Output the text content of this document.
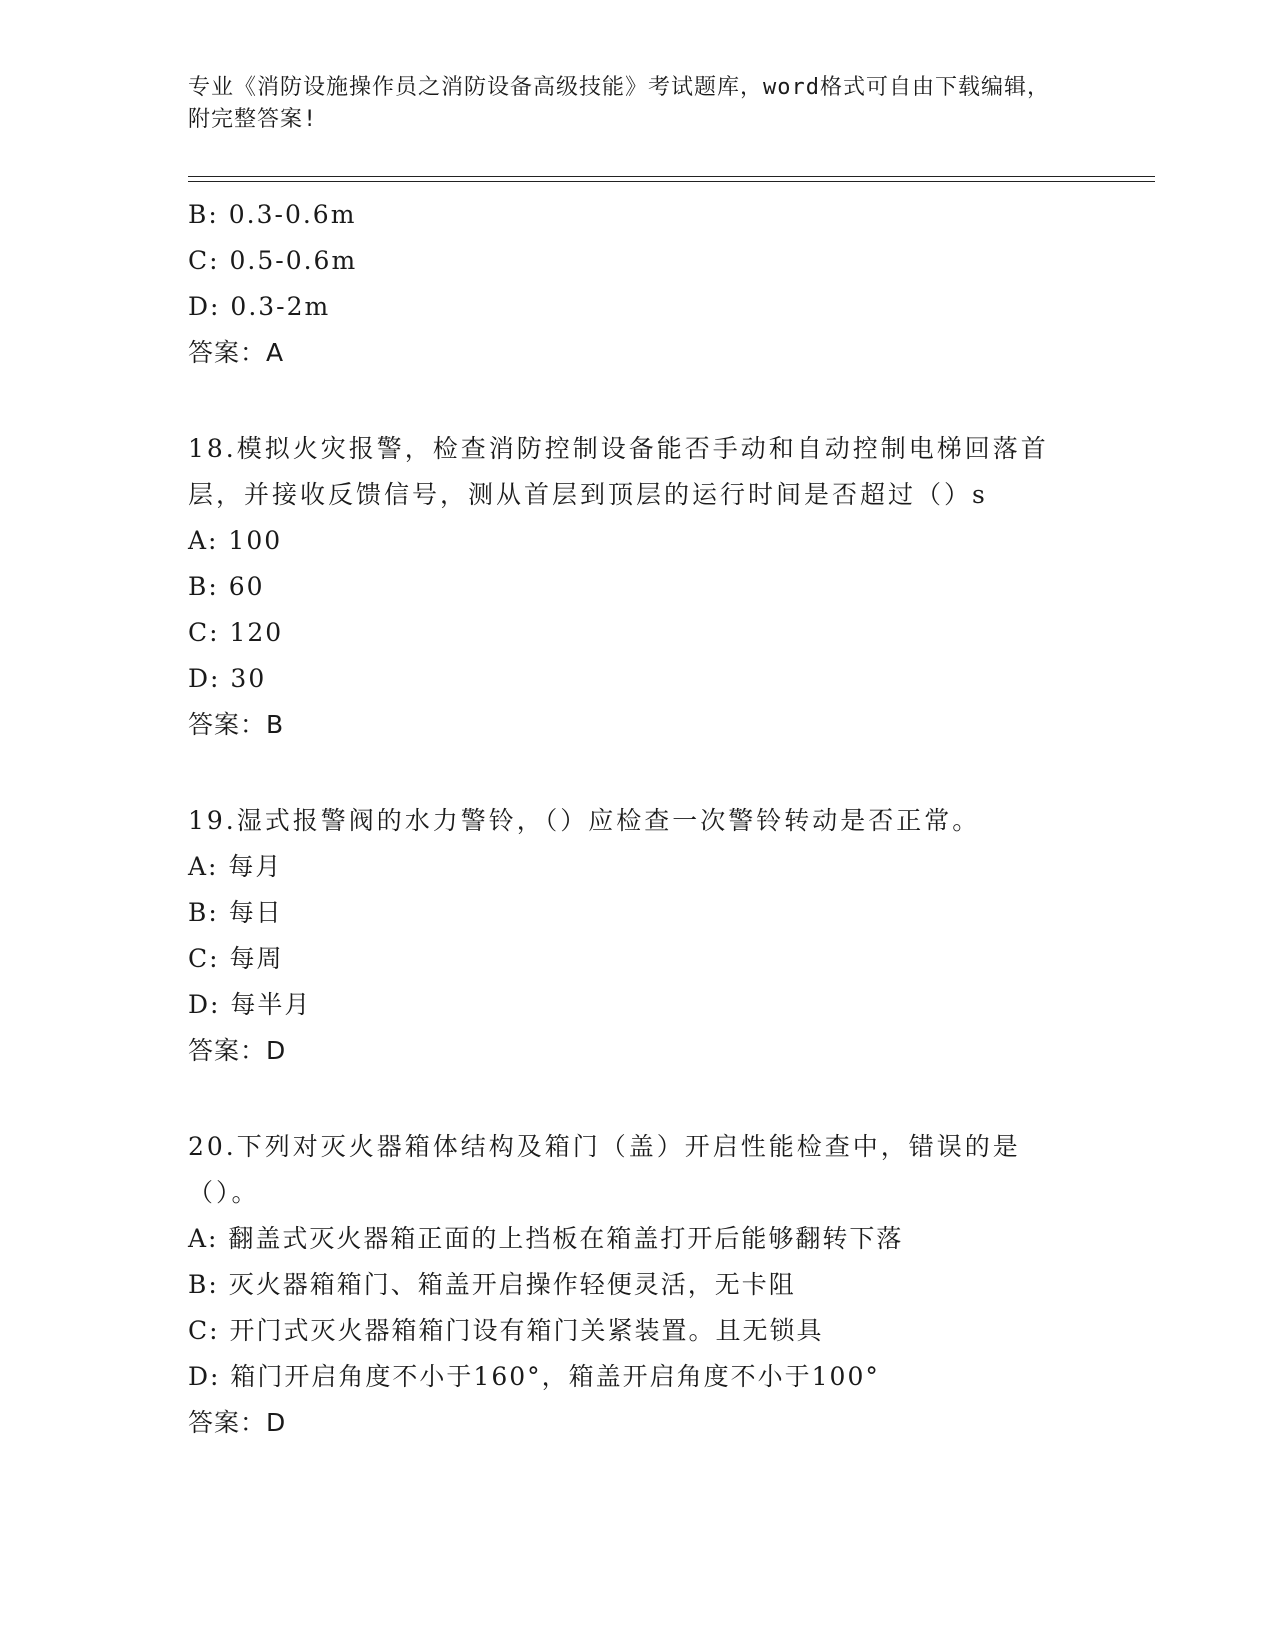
专业《消防设施操作员之消防设备高级技能》考试题库，word格式可自由下载编辑，附完整答案!
B: 0.3-0.6m
C: 0.5-0.6m
D: 0.3-2m
答案：A
18.模拟火灾报警，检查消防控制设备能否手动和自动控制电梯回落首层，并接收反馈信号，测从首层到顶层的运行时间是否超过（）s
A: 100
B: 60
C: 120
D: 30
答案：B
19.湿式报警阀的水力警铃，（）应检查一次警铃转动是否正常。
A: 每月
B: 每日
C: 每周
D: 每半月
答案：D
20.下列对灭火器箱体结构及箱门（盖）开启性能检查中，错误的是（）。
A: 翻盖式灭火器箱正面的上挡板在箱盖打开后能够翻转下落
B: 灭火器箱箱门、箱盖开启操作轻便灵活，无卡阻
C: 开门式灭火器箱箱门设有箱门关紧装置。且无锁具
D: 箱门开启角度不小于160°，箱盖开启角度不小于100°
答案：D
